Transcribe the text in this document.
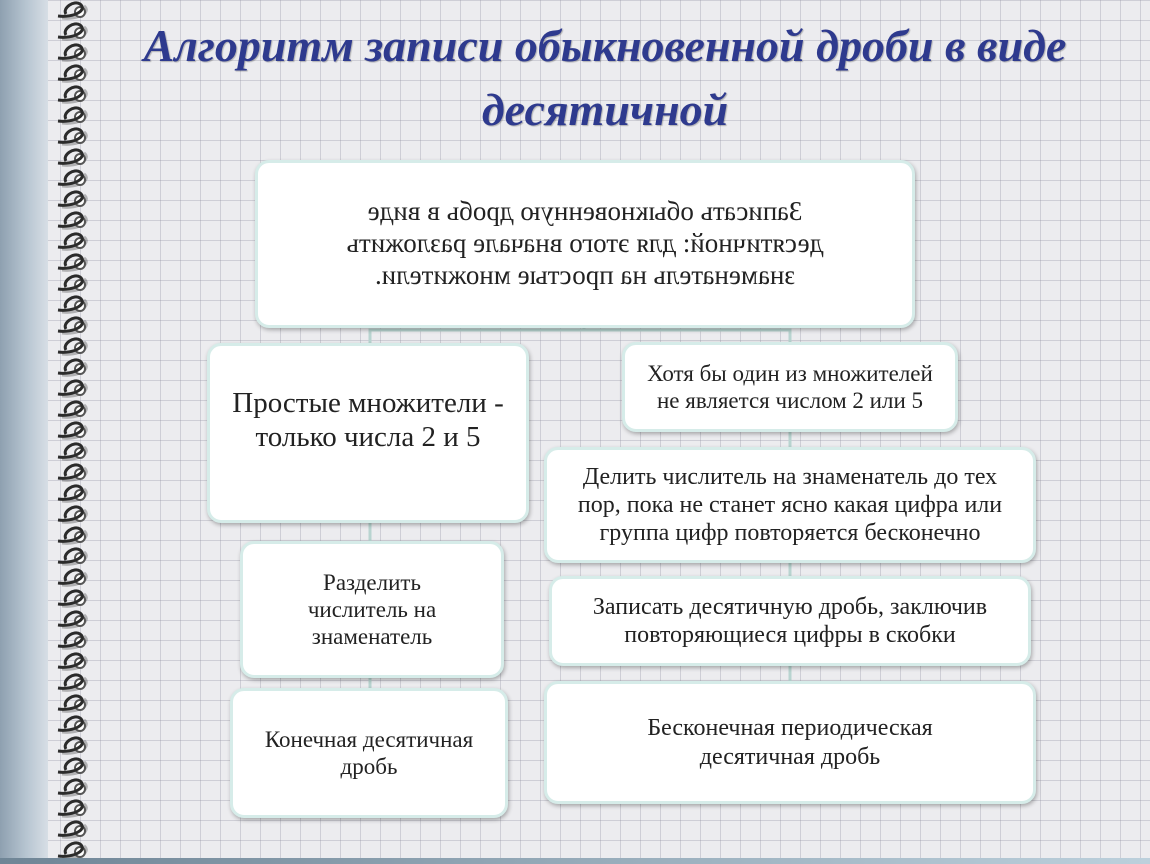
Алгоритм записи обыкновенной дроби в виде десятичной
Записать обыкновенную дробь в виде десятичной: для этого вначале разложить знаменатель на простые множители.
Простые множители - только числа 2 и 5
Хотя бы один из множителей не является числом 2 или 5
Делить числитель на знаменатель до тех пор, пока не станет ясно какая цифра или группа цифр повторяется бесконечно
Разделить числитель на знаменатель
Записать десятичную дробь, заключив повторяющиеся цифры в скобки
Конечная десятичная дробь
Бесконечная периодическая десятичная дробь
